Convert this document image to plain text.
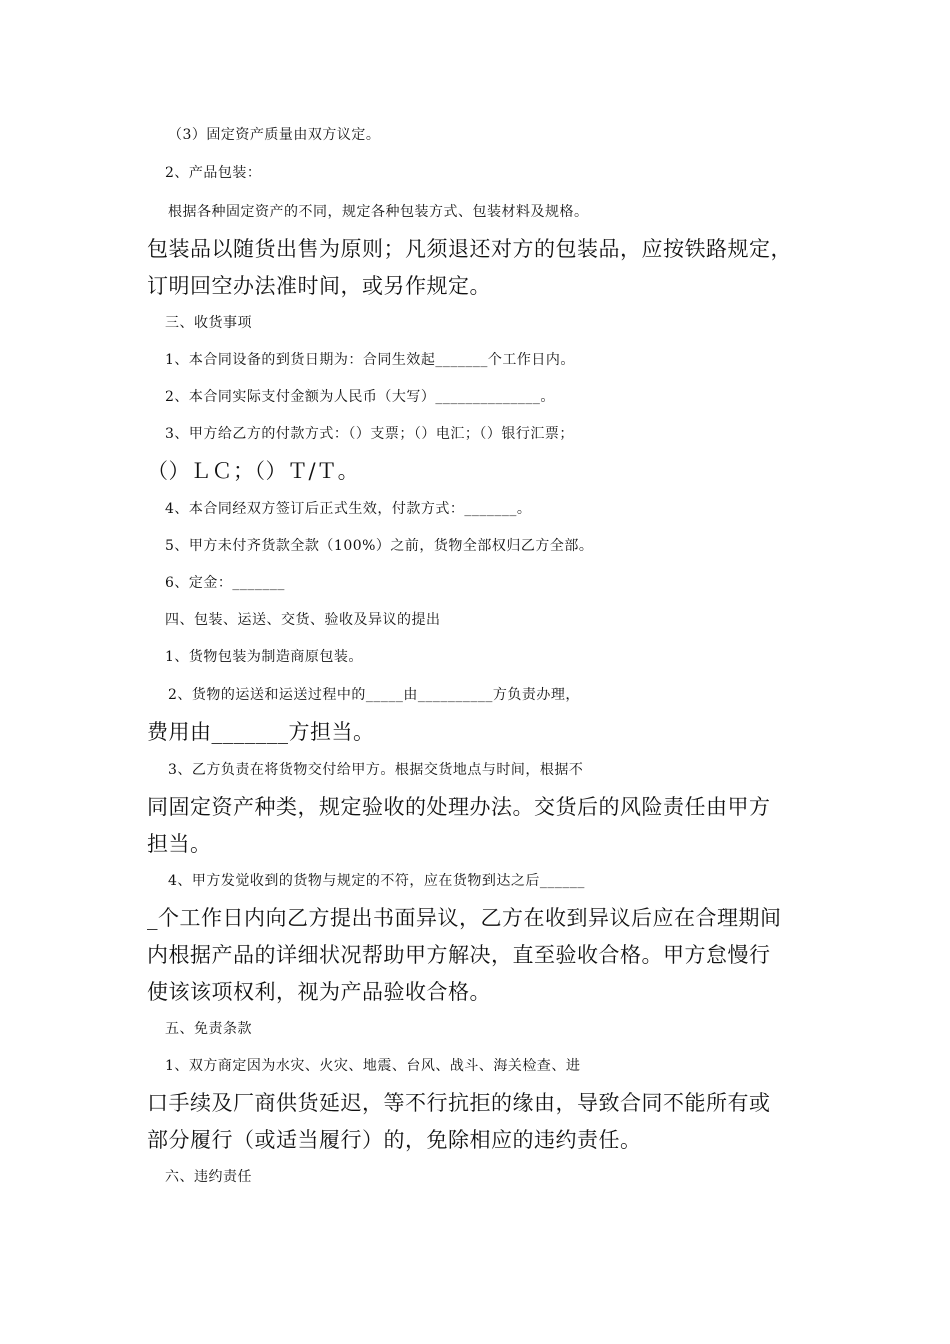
（3）固定资产质量由双方议定。
2、产品包装：
根据各种固定资产的不同，规定各种包装方式、包装材料及规格。
包装品以随货出售为原则；凡须退还对方的包装品，应按铁路规定，
订明回空办法准时间，或另作规定。
三、收货事项
1、本合同设备的到货日期为：合同生效起_______个工作日内。
2、本合同实际支付金额为人民币（大写）______________。
3、甲方给乙方的付款方式：（）支票；（）电汇；（）银行汇票；
（）ＬＣ；（）Ｔ/Ｔ。
4、本合同经双方签订后正式生效，付款方式：_______。
5、甲方未付齐货款全款（100%）之前，货物全部权归乙方全部。
6、定金：_______
四、包装、运送、交货、验收及异议的提出
1、货物包装为制造商原包装。
2、货物的运送和运送过程中的_____由__________方负责办理，
费用由_______方担当。
3、乙方负责在将货物交付给甲方。根据交货地点与时间，根据不
同固定资产种类，规定验收的处理办法。交货后的风险责任由甲方
担当。
4、甲方发觉收到的货物与规定的不符，应在货物到达之后______
_个工作日内向乙方提出书面异议，乙方在收到异议后应在合理期间
内根据产品的详细状况帮助甲方解决，直至验收合格。甲方怠慢行
使该该项权利，视为产品验收合格。
五、免责条款
1、双方商定因为水灾、火灾、地震、台风、战斗、海关检查、进
口手续及厂商供货延迟，等不行抗拒的缘由，导致合同不能所有或
部分履行（或适当履行）的，免除相应的违约责任。
六、违约责任
